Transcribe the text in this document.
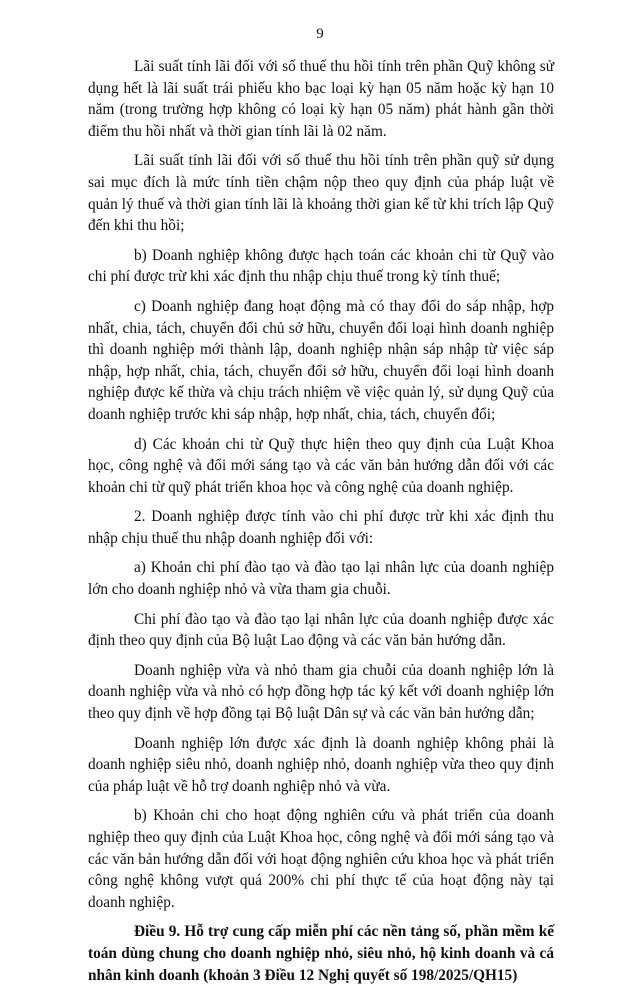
9

Lãi suất tính lãi đối với số thuế thu hồi tính trên phần Quỹ không sử dụng hết là lãi suất trái phiếu kho bạc loại kỳ hạn 05 năm hoặc kỳ hạn 10 năm (trong trường hợp không có loại kỳ hạn 05 năm) phát hành gần thời điểm thu hồi nhất và thời gian tính lãi là 02 năm.

Lãi suất tính lãi đối với số thuế thu hồi tính trên phần quỹ sử dụng sai mục đích là mức tính tiền chậm nộp theo quy định của pháp luật về quản lý thuế và thời gian tính lãi là khoảng thời gian kể từ khi trích lập Quỹ đến khi thu hồi;

b) Doanh nghiệp không được hạch toán các khoản chi từ Quỹ vào chi phí được trừ khi xác định thu nhập chịu thuế trong kỳ tính thuế;

c) Doanh nghiệp đang hoạt động mà có thay đổi do sáp nhập, hợp nhất, chia, tách, chuyển đổi chủ sở hữu, chuyển đổi loại hình doanh nghiệp thì doanh nghiệp mới thành lập, doanh nghiệp nhận sáp nhập từ việc sáp nhập, hợp nhất, chia, tách, chuyển đổi sở hữu, chuyển đổi loại hình doanh nghiệp được kế thừa và chịu trách nhiệm về việc quản lý, sử dụng Quỹ của doanh nghiệp trước khi sáp nhập, hợp nhất, chia, tách, chuyển đổi;

d) Các khoản chi từ Quỹ thực hiện theo quy định của Luật Khoa học, công nghệ và đổi mới sáng tạo và các văn bản hướng dẫn đối với các khoản chi từ quỹ phát triển khoa học và công nghệ của doanh nghiệp.

2. Doanh nghiệp được tính vào chi phí được trừ khi xác định thu nhập chịu thuế thu nhập doanh nghiệp đối với:

a) Khoản chi phí đào tạo và đào tạo lại nhân lực của doanh nghiệp lớn cho doanh nghiệp nhỏ và vừa tham gia chuỗi.

Chi phí đào tạo và đào tạo lại nhân lực của doanh nghiệp được xác định theo quy định của Bộ luật Lao động và các văn bản hướng dẫn.

Doanh nghiệp vừa và nhỏ tham gia chuỗi của doanh nghiệp lớn là doanh nghiệp vừa và nhỏ có hợp đồng hợp tác ký kết với doanh nghiệp lớn theo quy định về hợp đồng tại Bộ luật Dân sự và các văn bản hướng dẫn;

Doanh nghiệp lớn được xác định là doanh nghiệp không phải là doanh nghiệp siêu nhỏ, doanh nghiệp nhỏ, doanh nghiệp vừa theo quy định của pháp luật về hỗ trợ doanh nghiệp nhỏ và vừa.

b) Khoản chi cho hoạt động nghiên cứu và phát triển của doanh nghiệp theo quy định của Luật Khoa học, công nghệ và đổi mới sáng tạo và các văn bản hướng dẫn đối với hoạt động nghiên cứu khoa học và phát triển công nghệ không vượt quá 200% chi phí thực tế của hoạt động này tại doanh nghiệp.

Điều 9. Hỗ trợ cung cấp miễn phí các nền tảng số, phần mềm kế toán dùng chung cho doanh nghiệp nhỏ, siêu nhỏ, hộ kinh doanh và cá nhân kinh doanh (khoản 3 Điều 12 Nghị quyết số 198/2025/QH15)
